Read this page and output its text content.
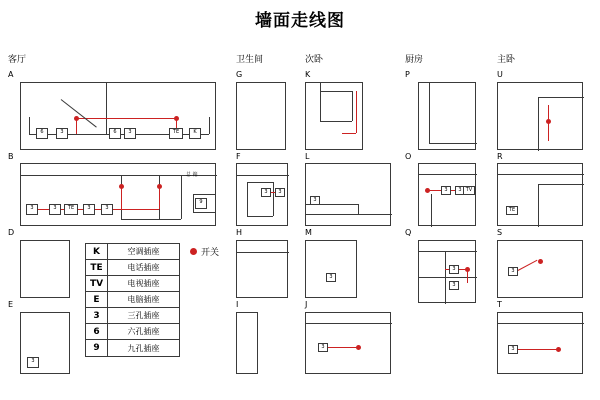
墙面走线图
客厅	卫生间	次卧	厨房	主卧
A
6	3	6	3	TE	K
B
3	3	TE	3	3
9
总 箱
D
E
3
K	空调插座
TE	电话插座
TV	电视插座
E	电脑插座
3	三孔插座
6	六孔插座
9	九孔插座
开关
G
F
3	3
H
I
K
L
3
M
3
J
3
P
O
3	3 TV
Q
3
3
U
R
TE
S
3
T
3
